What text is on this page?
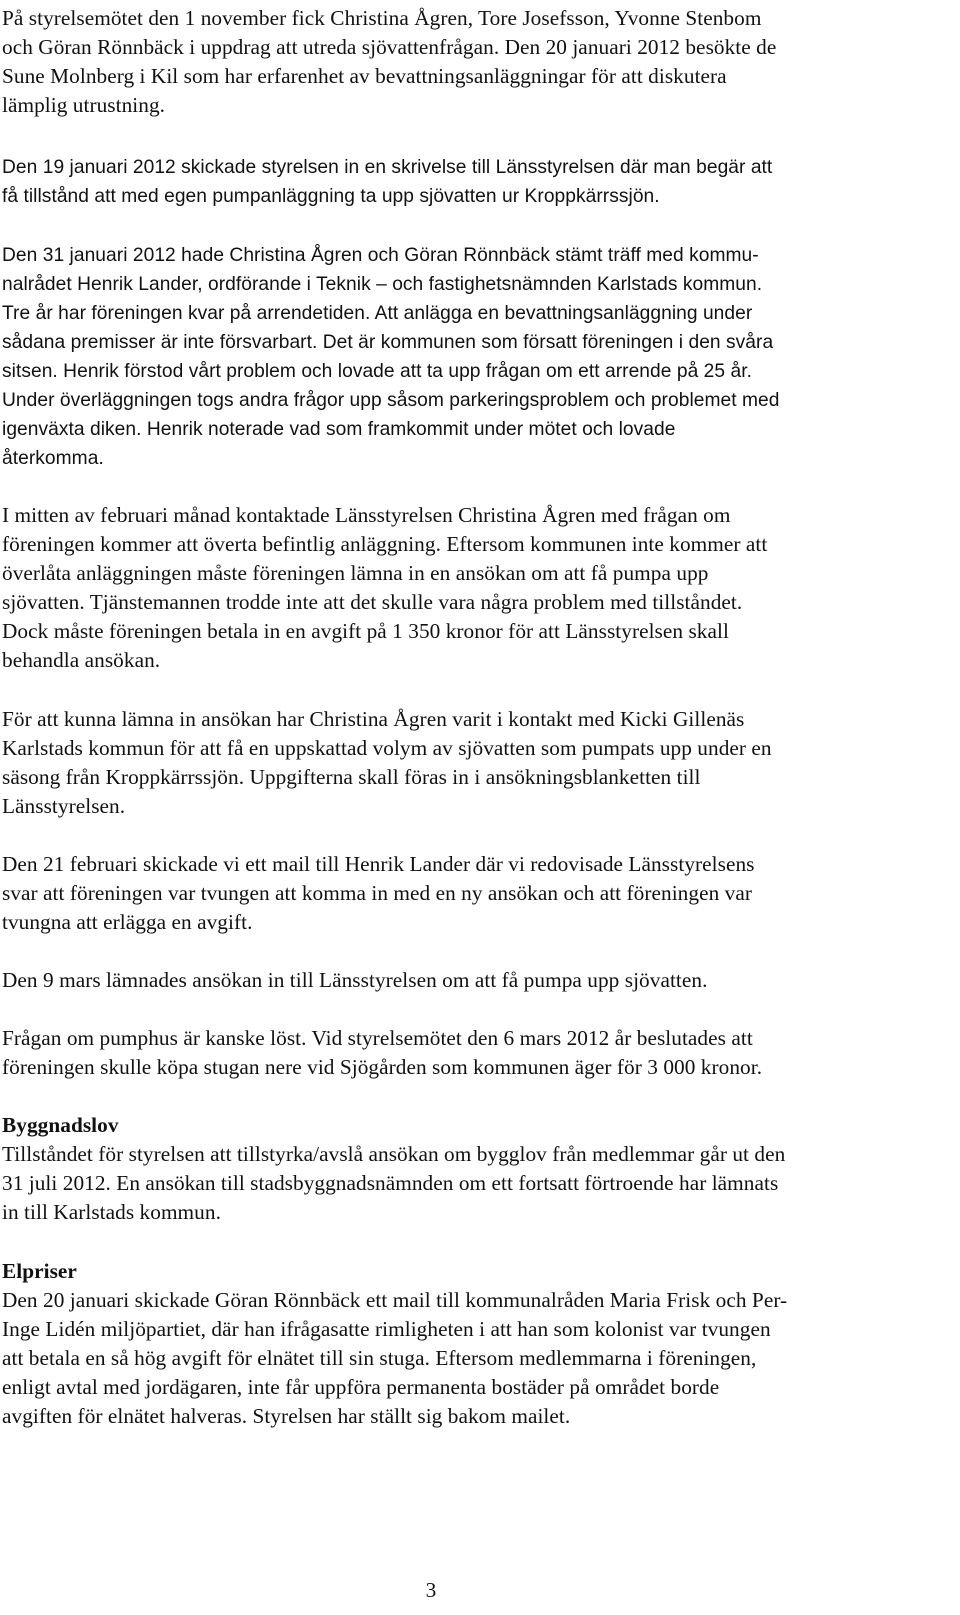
På styrelsemötet den 1 november fick Christina Ågren, Tore Josefsson, Yvonne Stenbom
och Göran Rönnbäck i uppdrag att utreda sjövattenfrågan. Den 20 januari 2012 besökte de
Sune Molnberg i Kil som har erfarenhet av bevattningsanläggningar för att diskutera
lämplig utrustning.
Den 19 januari 2012 skickade styrelsen in en skrivelse till Länsstyrelsen där man begär att
få tillstånd att med egen pumpanläggning ta upp sjövatten ur Kroppkärrssjön.
Den 31 januari 2012 hade Christina Ågren och Göran Rönnbäck stämt träff med kommu-
nalrådet Henrik Lander, ordförande i Teknik – och fastighetsnämnden Karlstads kommun.
Tre år har föreningen kvar på arrendetiden. Att anlägga en bevattningsanläggning under
sådana premisser är inte försvarbart. Det är kommunen som försatt föreningen i den svåra
sitsen. Henrik förstod vårt problem och lovade att ta upp frågan om ett arrende på 25 år.
Under överläggningen togs andra frågor upp såsom parkeringsproblem och problemet med
igenväxta diken. Henrik noterade vad som framkommit under mötet och lovade
återkomma.
I mitten av februari månad kontaktade Länsstyrelsen Christina Ågren med frågan om
föreningen kommer att överta befintlig anläggning. Eftersom kommunen inte kommer att
överlåta anläggningen måste föreningen lämna in en ansökan om att få pumpa upp
sjövatten. Tjänstemannen trodde inte att det skulle vara några problem med tillståndet.
Dock måste föreningen betala in en avgift på 1 350 kronor för att Länsstyrelsen skall
behandla ansökan.
För att kunna lämna in ansökan har Christina Ågren varit i kontakt med Kicki Gillenäs
Karlstads kommun för att få en uppskattad volym av sjövatten som pumpats upp under en
säsong från Kroppkärrssjön. Uppgifterna skall föras in i ansökningsblanketten till
Länsstyrelsen.
Den 21 februari skickade vi ett mail till Henrik Lander där vi redovisade Länsstyrelsens
svar att föreningen var tvungen att komma in med en ny ansökan och att föreningen var
tvungna att erlägga en avgift.
Den 9 mars lämnades ansökan in till Länsstyrelsen om att få pumpa upp sjövatten.
Frågan om pumphus är kanske löst. Vid styrelsemötet den 6 mars 2012 år beslutades att
föreningen skulle köpa stugan nere vid Sjögården som kommunen äger för 3 000 kronor.
Byggnadslov
Tillståndet för styrelsen att tillstyrka/avslå ansökan om bygglov från medlemmar går ut den
31 juli 2012. En ansökan till stadsbyggnadsnämnden om ett fortsatt förtroende har lämnats
in till Karlstads kommun.
Elpriser
Den 20 januari skickade Göran Rönnbäck ett mail till kommunalråden Maria Frisk och Per-
Inge Lidén miljöpartiet, där han ifrågasatte rimligheten i att han som kolonist var tvungen
att betala en så hög avgift för elnätet till sin stuga. Eftersom medlemmarna i föreningen,
enligt avtal med jordägaren, inte får uppföra permanenta bostäder på området borde
avgiften för elnätet halveras. Styrelsen har ställt sig bakom mailet.
3
